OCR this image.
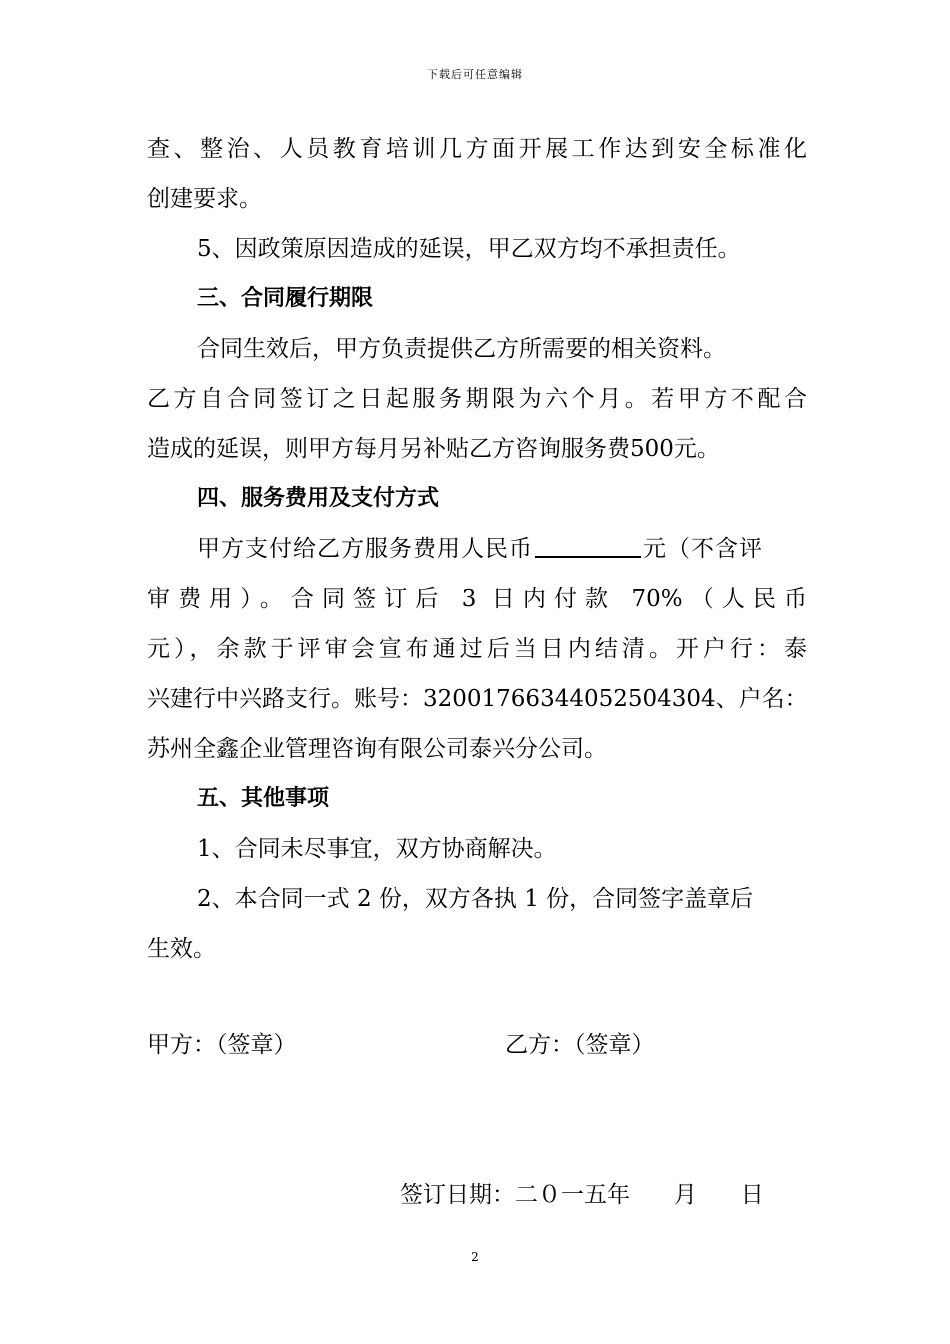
下载后可任意编辑
查、整治、人员教育培训几方面开展工作达到安全标准化
创建要求。
5、因政策原因造成的延误，甲乙双方均不承担责任。
三、合同履行期限
合同生效后，甲方负责提供乙方所需要的相关资料。
乙方自合同签订之日起服务期限为六个月。若甲方不配合
造成的延误，则甲方每月另补贴乙方咨询服务费500元。
四、服务费用及支付方式
甲方支付给乙方服务费用人民币	元（不含评
审费用）。合同签订后 3 日内付款 70%（人民币
元），余款于评审会宣布通过后当日内结清。开户行：泰
兴建行中兴路支行。账号：32001766344052504304、户名：
苏州全鑫企业管理咨询有限公司泰兴分公司。
五、其他事项
1、合同未尽事宜，双方协商解决。
2、本合同一式 2 份，双方各执 1 份，合同签字盖章后
生效。
甲方：（签章）	乙方：（签章）
签订日期：二０一五年      月      日
2
